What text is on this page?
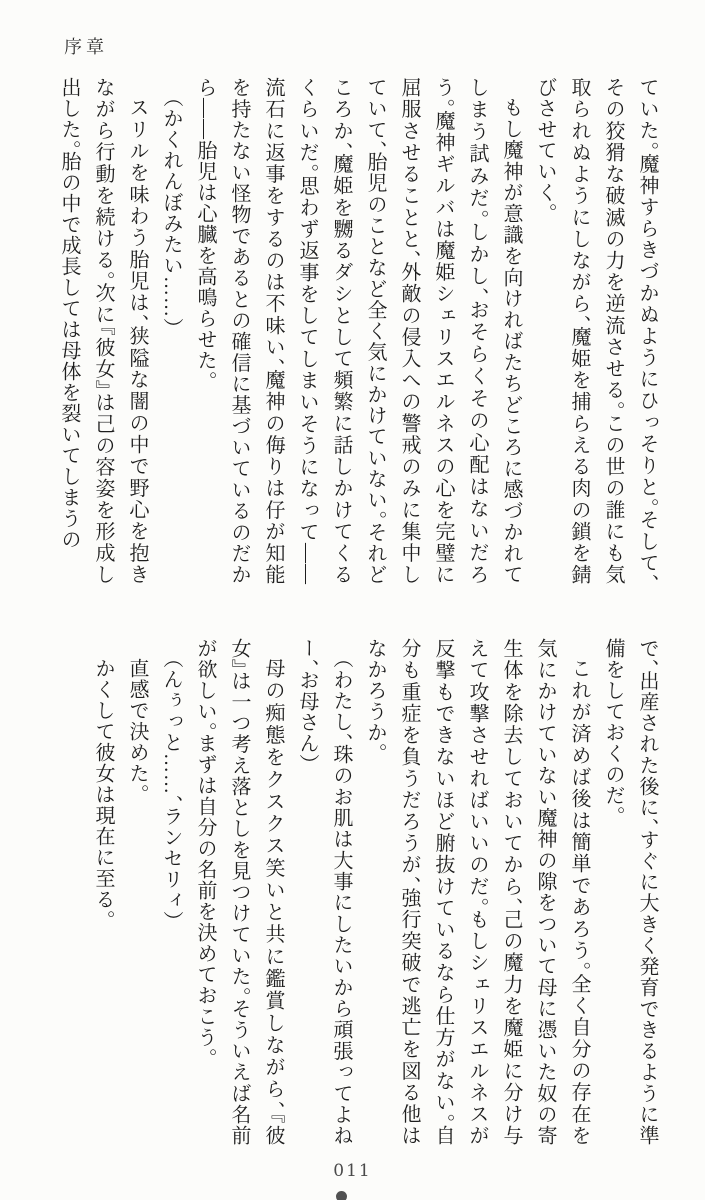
序章

ていた。魔神すらきづかぬようにひっそりと。そして、その狡猾な破滅の力を逆流させる。この世の誰にも気取られぬようにしながら、魔姫を捕らえる肉の鎖を錆びさせていく。

もし魔神が意識を向ければたちどころに感づかれてしまう試みだ。しかし、おそらくその心配はないだろう。魔神ギルバは魔姫シェリスエルネスの心を完璧に屈服させることと、外敵の侵入への警戒のみに集中していて、胎児のことなど全く気にかけていない。それどころか、魔姫を嬲るダシとして頻繁に話しかけてくるくらいだ。思わず返事をしてしまいそうになって――流石に返事をするのは不味い、魔神の侮りは仔が知能を持たない怪物であるとの確信に基づいているのだから――胎児は心臓を高鳴らせた。

（かくれんぼみたい……）

スリルを味わう胎児は、狭隘な闇の中で野心を抱きながら行動を続ける。次に『彼女』は己の容姿を形成し出した。胎の中で成長しては母体を裂いてしまうの

で、出産された後に、すぐに大きく発育できるように準備をしておくのだ。

これが済めば後は簡単であろう。全く自分の存在を気にかけていない魔神の隙をついて母に憑いた奴の寄生体を除去しておいてから、己の魔力を魔姫に分け与えて攻撃させればいいのだ。もしシェリスエルネスが反撃もできないほど腑抜けているなら仕方がない。自分も重症を負うだろうが、強行突破で逃亡を図る他はなかろうか。

（わたし、珠のお肌は大事にしたいから頑張ってよねー、お母さん）

母の痴態をクスクス笑いと共に鑑賞しながら、『彼女』は一つ考え落としを見つけていた。そういえば名前が欲しい。まずは自分の名前を決めておこう。

（んぅっと……、ランセリィ）

直感で決めた。

かくして彼女は現在に至る。

011
